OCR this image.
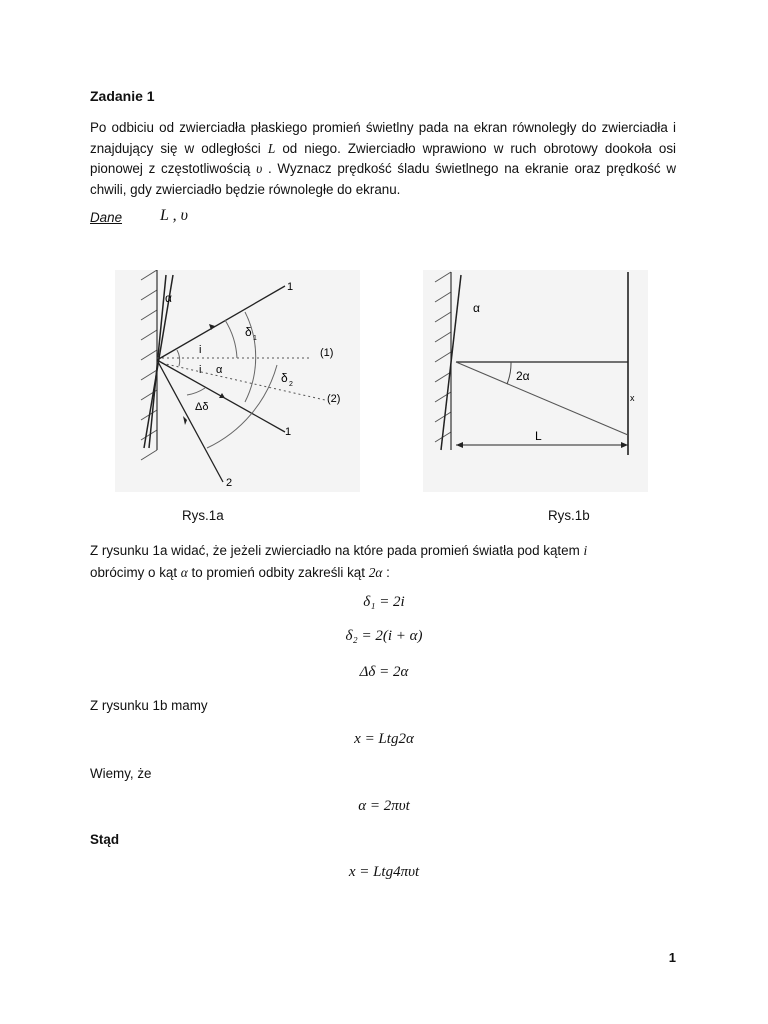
Zadanie 1
Po odbiciu od zwierciadła płaskiego promień świetlny pada na ekran równoległy do zwierciadła i znajdujący się w odległości L od niego. Zwierciadło wprawiono w ruch obrotowy dookoła osi pionowej z częstotliwością υ . Wyznacz prędkość śladu świetlnego na ekranie oraz prędkość w chwili, gdy zwierciadło będzie równoległe do ekranu.
Dane L , υ
α
1
δ 1
i
i α
(1)
δ 2
(2)
Δδ
1
2
α
2α
x
L
Rys.1a	Rys.1b
Z rysunku 1a widać, że jeżeli zwierciadło na które pada promień światła pod kątem i
obrócimy o kąt α to promień odbity zakreśli kąt 2α :
δ₁ = 2i
δ₂ = 2(i + α)
Δδ = 2α
Z rysunku 1b mamy
x = Ltg2α
Wiemy, że
α = 2πυt
Stąd
x = Ltg4πυt
1
